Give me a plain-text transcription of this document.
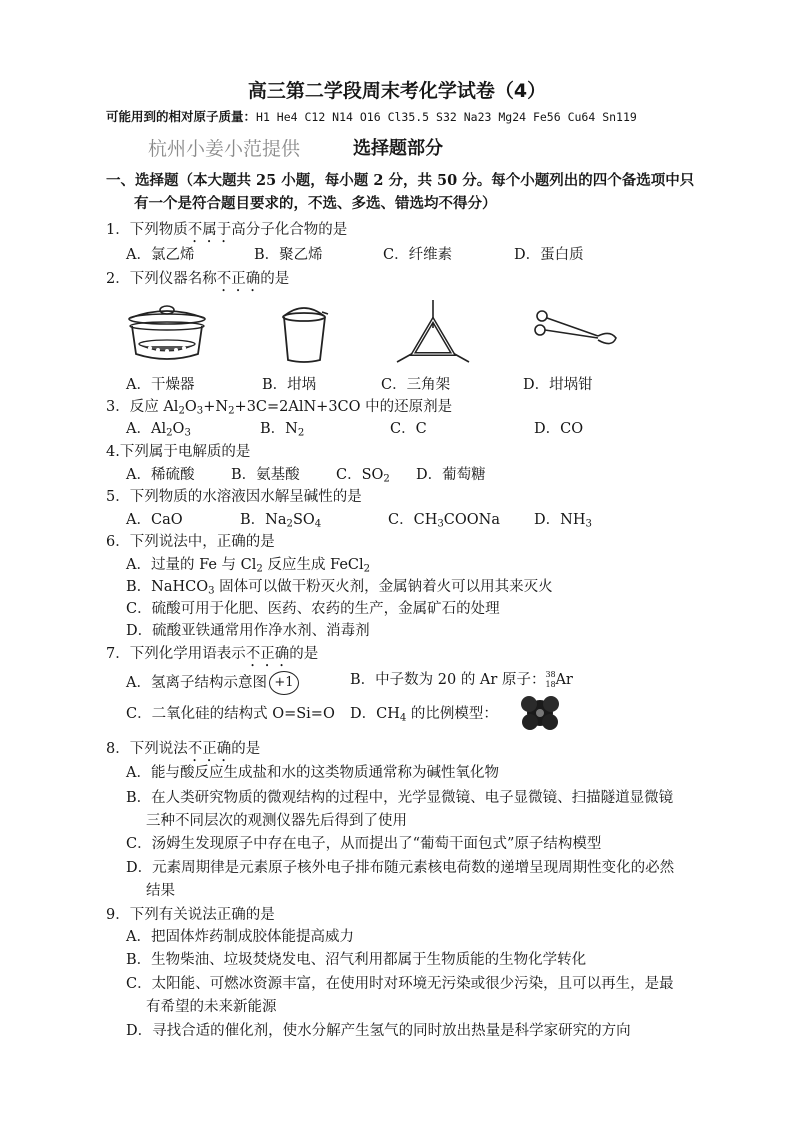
高三第二学段周末考化学试卷（4）
可能用到的相对原子质量：H1 He4 C12 N14 O16 Cl35.5 S32 Na23 Mg24 Fe56 Cu64 Sn119
杭州小姜小范提供	选择题部分
一、选择题（本大题共 25 小题，每小题 2 分，共 50 分。每个小题列出的四个备选项中只
有一个是符合题目要求的，不选、多选、错选均不得分）
1．下列物质不属于高分子化合物的是
A．氯乙烯	B．聚乙烯	C．纤维素	D．蛋白质
2．下列仪器名称不正确的是
A．干燥器	B．坩埚	C．三角架	D．坩埚钳
3．反应 $Al_2O_3+N_2+3C=2AlN+3CO$ 中的还原剂是
A．$Al_2O_3$	B．$N_2$	C．C	D．CO
4.下列属于电解质的是
A．稀硫酸	B．氨基酸	C．$SO_2$ D．葡萄糖
5．下列物质的水溶液因水解呈碱性的是
A．CaO	B．$Na_2SO_4$	C．$CH_3COONa$ D．$NH_3$
6．下列说法中，正确的是
A．过量的 Fe 与 $Cl_2$ 反应生成 FeCl$_2$
B．NaHCO$_3$ 固体可以做干粉灭火剂，金属钠着火可以用其来灭火
C．硫酸可用于化肥、医药、农药的生产，金属矿石的处理
D．硫酸亚铁通常用作净水剂、消毒剂
7．下列化学用语表示不正确的是
A．氢离子结构示意图 +1	B．中子数为 20 的 Ar 原子： 38
18 Ar
C．二氧化硅的结构式 O=Si=O D．$CH_4$ 的比例模型：
8．下列说法不正确的是
A．能与酸反应生成盐和水的这类物质通常称为碱性氧化物
B．在人类研究物质的微观结构的过程中，光学显微镜、电子显微镜、扫描隧道显微镜
三种不同层次的观测仪器先后得到了使用
C．汤姆生发现原子中存在电子，从而提出了“葡萄干面包式”原子结构模型
D．元素周期律是元素原子核外电子排布随元素核电荷数的递增呈现周期性变化的必然
结果
9．下列有关说法正确的是
A．把固体炸药制成胶体能提高威力
B．生物柴油、垃圾焚烧发电、沼气利用都属于生物质能的生物化学转化
C．太阳能、可燃冰资源丰富，在使用时对环境无污染或很少污染，且可以再生，是最
有希望的未来新能源
D．寻找合适的催化剂，使水分解产生氢气的同时放出热量是科学家研究的方向
